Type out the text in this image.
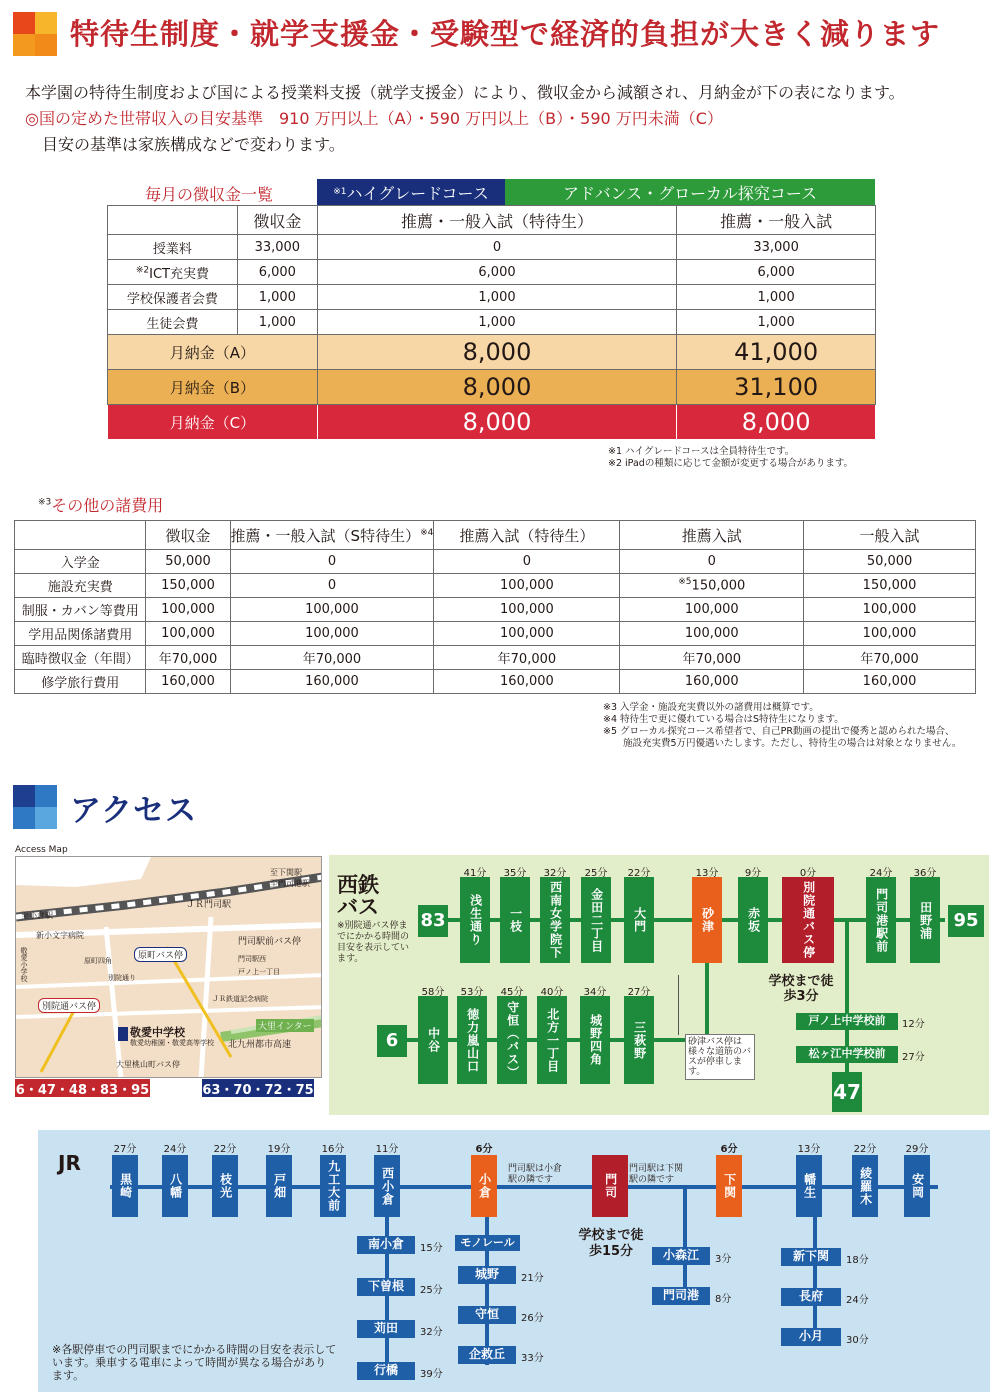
特待生制度・就学支援金・受験型で経済的負担が大きく減ります
本学園の特待生制度および国による授業料支援（就学支援金）により、徴収金から減額され、月納金が下の表になります。
◎国の定めた世帯収入の目安基準　910 万円以上（A）・590 万円以上（B）・590 万円未満（C）
目安の基準は家族構成などで変わります。
毎月の徴収金一覧	※1 ハイグレードコース	アドバンス・グローカル探究コース
	徴収金	推薦・一般入試（特待生）	推薦・一般入試
授業料	33,000	0	33,000
$^{※2}$ICT充実費	6,000	6,000	6,000
学校保護者会費	1,000	1,000	1,000
生徒会費	1,000	1,000	1,000
月納金（A）		8,000	41,000
月納金（B）		8,000	31,100
月納金（C）		8,000	8,000
※1 ハイグレードコースは全員特待生です。
※2 iPadの種類に応じて金額が変更する場合があります。
$^{※3}$その他の諸費用
	徴収金	推薦・一般入試（S特待生）$^{※4}$	推薦入試（特待生）	推薦入試	一般入試
入学金	50,000	0	0	0	50,000
施設充実費	150,000	0	100,000	$^{※5}$150,000	150,000
制服・カバン等費用	100,000	100,000	100,000	100,000	100,000
学用品関係諸費用	100,000	100,000	100,000	100,000	100,000
臨時徴収金（年間）	年70,000	年70,000	年70,000	年70,000	年70,000
修学旅行費用	160,000	160,000	160,000	160,000	160,000
※3 入学金・施設充実費以外の諸費用は概算です。
※4 特待生で更に優れている場合はS特待生になります。
※5 グローカル探究コース希望者で、自己PR動画の提出で優秀と認められた場合、
施設充実費5万円優遇いたします。ただし、特待生の場合は対象となりません。
アクセス
Access Map
至下関駅
至門司港駅
ＪＲ門司駅
至小倉駅
新小文字病院
原町バス停
門司駅前バス停
原町四角	門司駅西
別院通り
戸ノ上一丁目
別院通バス停
ＪＲ鉄道記念病院
大里インター
北九州都市高速
敬愛中学校
敬愛幼稚園・敬愛高等学校
大里桃山町バス停
敬愛小学校
6・47・48・83・95	63・70・72・75
西鉄
バス
※別院通バス停までにかかる時間の目安を表示しています。
83	95
6
47
浅生通り
41分
一枝
35分
西南女学院下
32分
金田二丁目
25分
大門
22分
砂津
13分
赤坂
9分
別院通バス停
0分
門司港駅前
24分
田野浦
36分
中谷
58分
徳力嵐山口
53分
守恒（バス）
45分
北方一丁目
40分
城野四角
34分
三萩野
27分
学校まで徒歩3分
戸ノ上中学校前	12分
松ヶ江中学校前	27分
砂津バス停は様々な道筋のバスが停車します。
JR
黒崎
27分
八幡
24分
枝光
22分
戸畑
19分
九工大前
16分
西小倉
11分
小倉
6分
門司	下関
6分
幡生
13分
綾羅木
22分
安岡
29分
南小倉	15分
下曽根	25分
苅田	32分
行橋	39分
モノレール
城野	21分
守恒	26分
企救丘	33分
小森江	3分
門司港	8分
新下関	18分
長府	24分
小月	30分
門司駅は小倉駅の隣です
門司駅は下関駅の隣です
学校まで徒歩15分
※各駅停車での門司駅までにかかる時間の目安を表示しています。乗車する電車によって時間が異なる場合があります。
